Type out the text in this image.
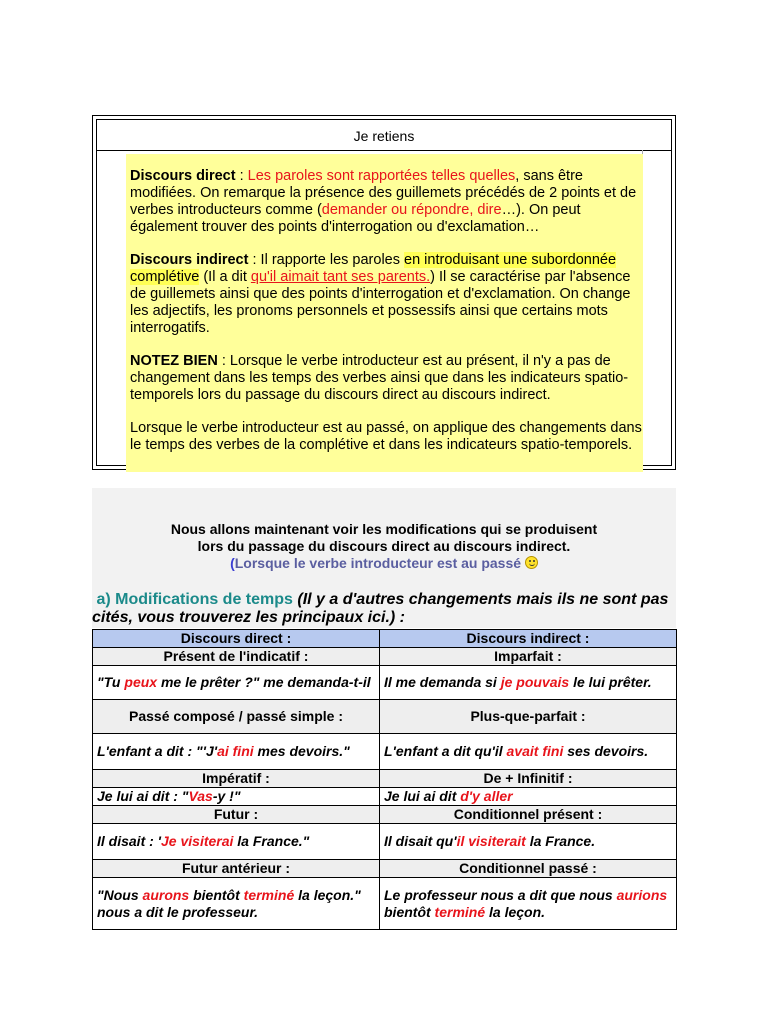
Je retiens

Discours direct : Les paroles sont rapportées telles quelles, sans être modifiées. On remarque la présence des guillemets précédés de 2 points et de verbes introducteurs comme (demander ou répondre, dire…). On peut également trouver des points d'interrogation ou d'exclamation…

Discours indirect : Il rapporte les paroles en introduisant une subordonnée complétive (Il a dit qu'il aimait tant ses parents.) Il se caractérise par l'absence de guillemets ainsi que des points d'interrogation et d'exclamation. On change les adjectifs, les pronoms personnels et possessifs ainsi que certains mots interrogatifs.

NOTEZ BIEN : Lorsque le verbe introducteur est au présent, il n'y a pas de changement dans les temps des verbes ainsi que dans les indicateurs spatio-temporels lors du passage du discours direct au discours indirect.

Lorsque le verbe introducteur est au passé, on applique des changements dans le temps des verbes de la complétive et dans les indicateurs spatio-temporels.

Nous allons maintenant voir les modifications qui se produisent
lors du passage du discours direct au discours indirect.
(Lorsque le verbe introducteur est au passé
a) Modifications de temps (Il y a d'autres changements mais ils ne sont pas cités, vous trouverez les principaux ici.) :
Discours direct :	Discours indirect :
Présent de l'indicatif :	Imparfait :
"Tu peux me le prêter ?" me demanda-t-il	Il me demanda si je pouvais le lui prêter.
Passé composé / passé simple :	Plus-que-parfait :
L'enfant a dit : "'J'ai fini mes devoirs."	L'enfant a dit qu'il avait fini ses devoirs.
Impératif :	De + Infinitif :
Je lui ai dit : "Vas-y !"	Je lui ai dit d'y aller
Futur :	Conditionnel présent :
Il disait : 'Je visiterai la France."	Il disait qu'il visiterait la France.
Futur antérieur :	Conditionnel passé :
"Nous aurons bientôt terminé la leçon." nous a dit le professeur.	Le professeur nous a dit que nous aurions bientôt terminé la leçon.
